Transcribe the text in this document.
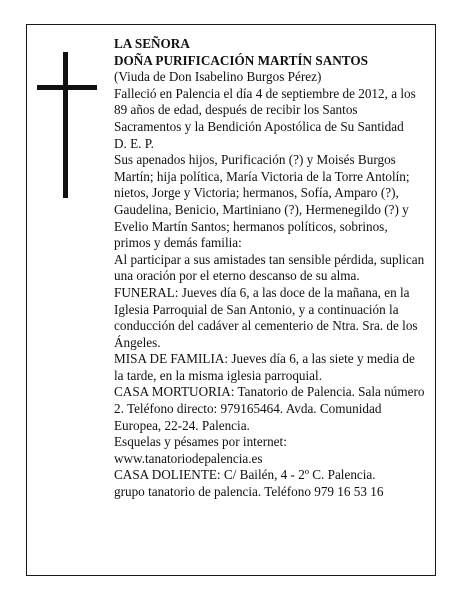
LA SEÑORA

DOÑA PURIFICACIÓN MARTÍN SANTOS

(Viuda de Don Isabelino Burgos Pérez)

Falleció en Palencia el día 4 de septiembre de 2012, a los 89 años de edad, después de recibir los Santos Sacramentos y la Bendición Apostólica de Su Santidad

D. E. P.

Sus apenados hijos, Purificación (?) y Moisés Burgos Martín; hija política, María Victoria de la Torre Antolín; nietos, Jorge y Victoria; hermanos, Sofía, Amparo (?), Gaudelina, Benicio, Martiniano (?), Hermenegildo (?) y Evelio Martín Santos; hermanos políticos, sobrinos, primos y demás familia:

Al participar a sus amistades tan sensible pérdida, suplican una oración por el eterno descanso de su alma.

FUNERAL: Jueves día 6, a las doce de la mañana, en la Iglesia Parroquial de San Antonio, y a continuación la conducción del cadáver al cementerio de Ntra. Sra. de los Ángeles.

MISA DE FAMILIA: Jueves día 6, a las siete y media de la tarde, en la misma iglesia parroquial.

CASA MORTUORIA: Tanatorio de Palencia. Sala número 2. Teléfono directo: 979165464. Avda. Comunidad Europea, 22-24. Palencia.

Esquelas y pésames por internet:

www.tanatoriodepalencia.es

CASA DOLIENTE: C/ Bailén, 4 - 2º C. Palencia.

grupo tanatorio de palencia. Teléfono 979 16 53 16
